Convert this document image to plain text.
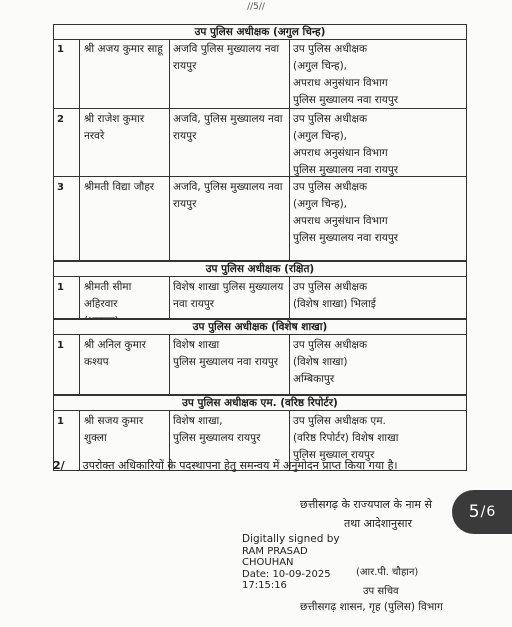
//5//
उप पुलिस अधीक्षक (अगुल चिन्ह)
1 श्री अजय कुमार साहू अजवि पुलिस मुख्यालय नवा
रायपुर
उप पुलिस अधीक्षक
(अगुल चिन्ह),
अपराध अनुसंधान विभाग
पुलिस मुख्यालय नवा रायपुर
2 श्री राजेश कुमार
नरवरे
अजवि, पुलिस मुख्यालय नवा
रायपुर
उप पुलिस अधीक्षक
(अगुल चिन्ह),
अपराध अनुसंधान विभाग
पुलिस मुख्यालय नवा रायपुर
3 श्रीमती विद्या जौहर	अजवि, पुलिस मुख्यालय नवा
रायपुर
उप पुलिस अधीक्षक
(अगुल चिन्ह),
अपराध अनुसंधान विभाग
पुलिस मुख्यालय नवा रायपुर
उप पुलिस अधीक्षक (रक्षित)
1 श्रीमती सीमा अहिरवार

विशेष शाखा पुलिस मुख्यालय
नवा रायपुर
उप पुलिस अधीक्षक
(विशेष शाखा) भिलाई
उप पुलिस अधीक्षक (विशेष शाखा)
1 श्री अनिल कुमार
कश्यप
विशेष शाखा
पुलिस मुख्यालय नवा रायपुर
उप पुलिस अधीक्षक
(विशेष शाखा)
अम्बिकापुर
उप पुलिस अधीक्षक एम. (वरिष्ठ रिपोर्टर)
1 श्री सजय कुमार
शुक्ला
विशेष शाखा,
पुलिस मुख्यालय रायपुर
उप पुलिस अधीक्षक एम.
(वरिष्ठ रिपोर्टर) विशेष शाखा
पुलिस मुख्याल रायपुर
2/ उपरोक्त अधिकारियों के पदस्थापना हेतु समन्वय में अनुमोदन प्राप्त किया गया है।
छत्तीसगढ़ के राज्यपाल के नाम से
तथा आदेशानुसार
Digitally signed by
RAM PRASAD CHOUHAN
Date: 10-09-2025
17:15:16
(आर.पी. चौहान)
उप सचिव
छत्तीसगढ़ शासन, गृह (पुलिस) विभाग
5 / 6
